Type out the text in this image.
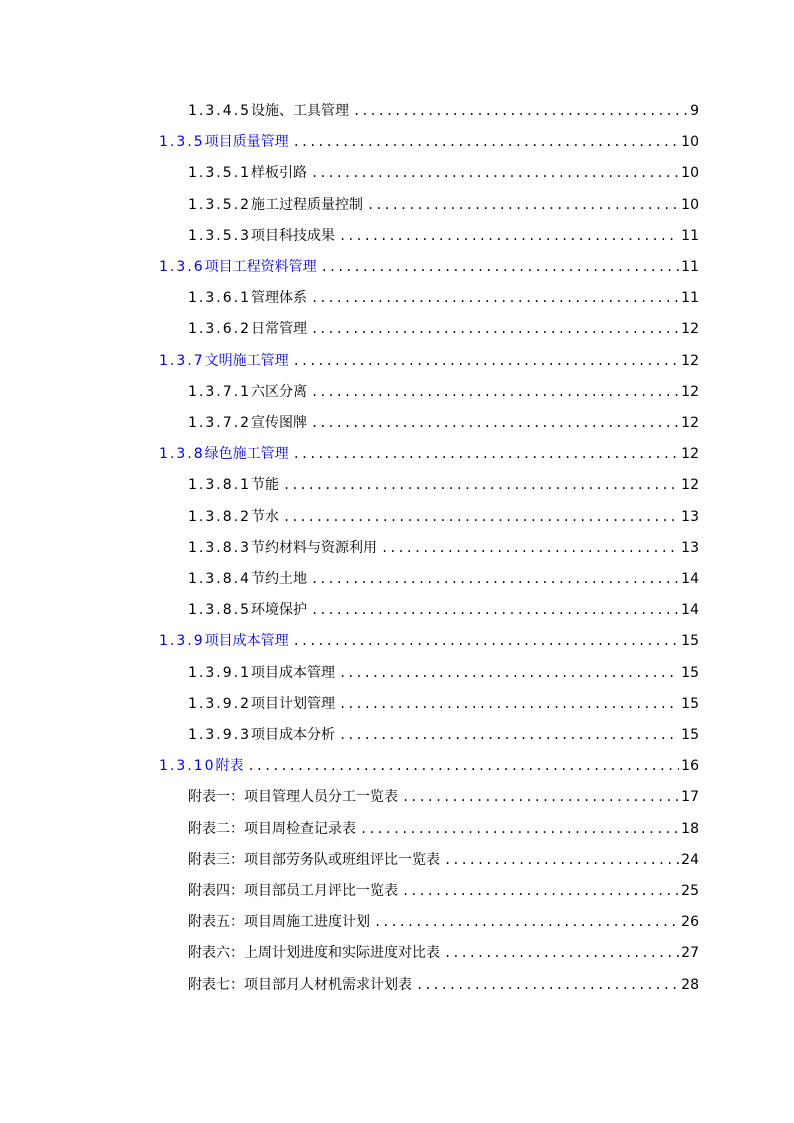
1.3.4.5 设施、工具管理 .....	9
1.3.5 项目质量管理 .....	10
1.3.5.1 样板引路 .....	10
1.3.5.2 施工过程质量控制 .....	10
1.3.5.3 项目科技成果 .....	11
1.3.6 项目工程资料管理 .....	11
1.3.6.1 管理体系 .....	11
1.3.6.2 日常管理 .....	12
1.3.7 文明施工管理 .....	12
1.3.7.1 六区分离 .....	12
1.3.7.2 宣传图牌 .....	12
1.3.8 绿色施工管理 .....	12
1.3.8.1 节能 .....	12
1.3.8.2 节水 .....	13
1.3.8.3 节约材料与资源利用 .....	13
1.3.8.4 节约土地 .....	14
1.3.8.5 环境保护 .....	14
1.3.9 项目成本管理 .....	15
1.3.9.1 项目成本管理 .....	15
1.3.9.2 项目计划管理 .....	15
1.3.9.3 项目成本分析 .....	15
1.3.10 附表 .....	16
附表一：项目管理人员分工一览表 .....	17
附表二：项目周检查记录表 .....	18
附表三：项目部劳务队或班组评比一览表 .....	24
附表四：项目部员工月评比一览表 .....	25
附表五：项目周施工进度计划 .....	26
附表六：上周计划进度和实际进度对比表 .....	27
附表七：项目部月人材机需求计划表 .....	28
